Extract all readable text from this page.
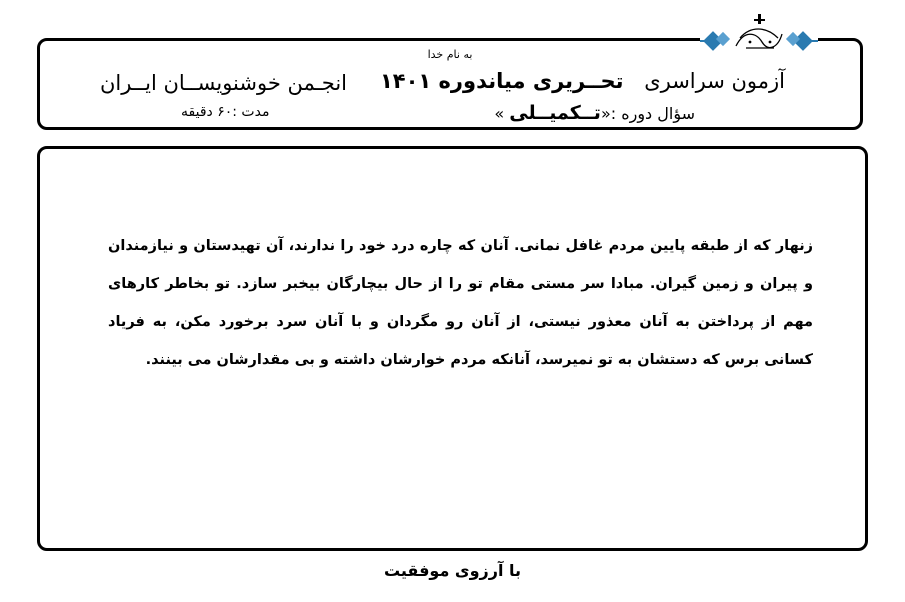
به نام خدا
آزمون سراسری تحــریری میاندوره ۱۴۰۱
انجـمن خوشنویســان ایــران
سؤال دوره :«تــکمیــلی »
مدت :۶۰ دقیقه
زنهار که از طبقه پایین مردم غافل نمانی. آنان که چاره درد خود را ندارند، آن تهیدستان و نیازمندان و پیران و زمین گیران. مبادا سر مستی مقام تو را از حال بیچارگان بیخبر سازد. تو بخاطر کارهای مهم از پرداختن به آنان معذور نیستی، از آنان رو مگردان و با آنان سرد برخورد مکن، به فریاد کسانی برس که دستشان به تو نمیرسد، آنانکه مردم خوارشان داشته و بی مقدارشان می بینند.
با آرزوی موفقیت
